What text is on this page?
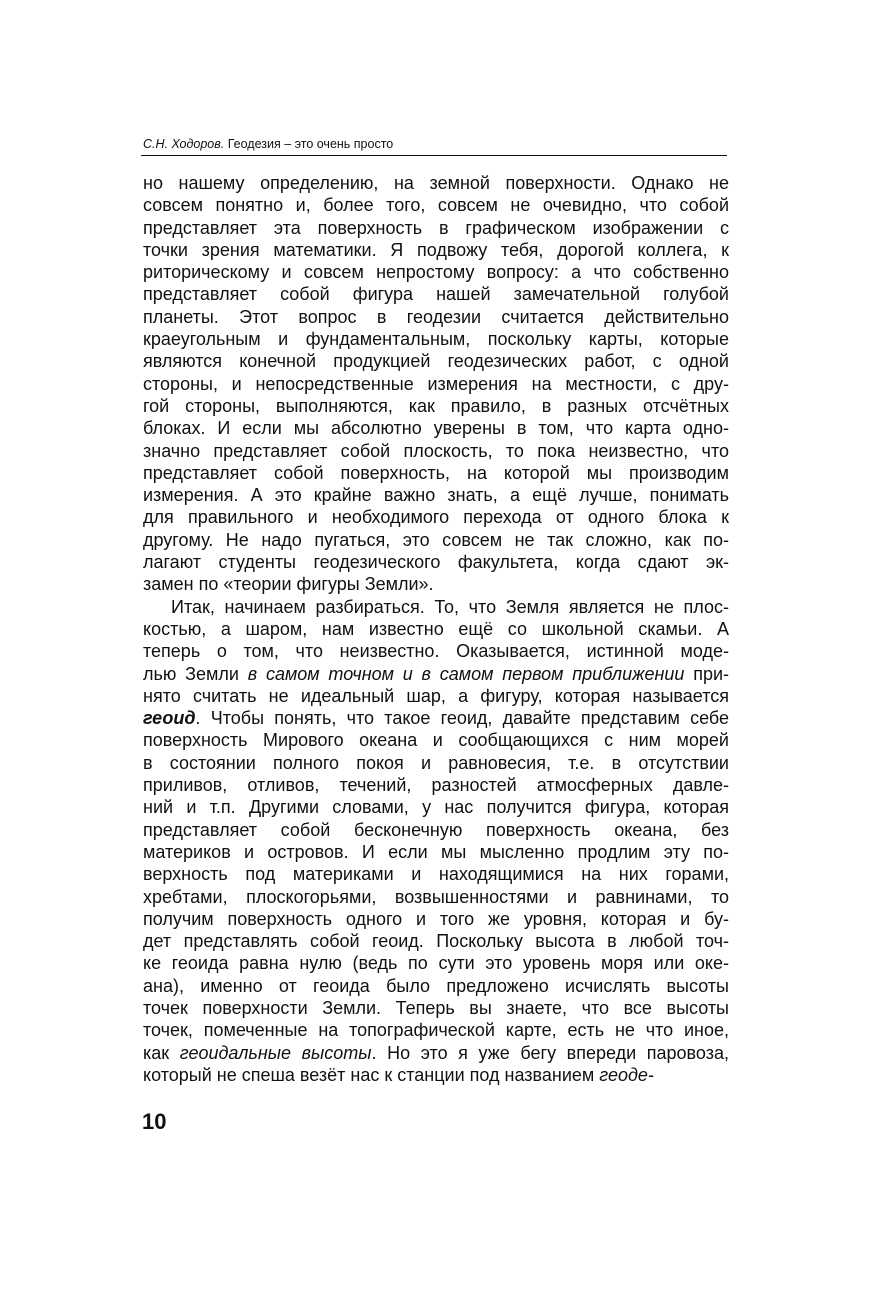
С.Н. Ходоров. Геодезия – это очень просто
но нашему определению, на земной поверхности. Однако не
совсем понятно и, более того, совсем не очевидно, что собой
представляет эта поверхность в графическом изображении с
точки зрения математики. Я подвожу тебя, дорогой коллега, к
риторическому и совсем непростому вопросу: а что собственно
представляет собой фигура нашей замечательной голубой
планеты. Этот вопрос в геодезии считается действительно
краеугольным и фундаментальным, поскольку карты, которые
являются конечной продукцией геодезических работ, с одной
стороны, и непосредственные измерения на местности, с дру-
гой стороны, выполняются, как правило, в разных отсчётных
блоках. И если мы абсолютно уверены в том, что карта одно-
значно представляет собой плоскость, то пока неизвестно, что
представляет собой поверхность, на которой мы производим
измерения. А это крайне важно знать, а ещё лучше, понимать
для правильного и необходимого перехода от одного блока к
другому. Не надо пугаться, это совсем не так сложно, как по-
лагают студенты геодезического факультета, когда сдают эк-
замен по «теории фигуры Земли».
Итак, начинаем разбираться. То, что Земля является не плос-
костью, а шаром, нам известно ещё со школьной скамьи. А
теперь о том, что неизвестно. Оказывается, истинной моде-
лью Земли в самом точном и в самом первом приближении при-
нято считать не идеальный шар, а фигуру, которая называется
геоид. Чтобы понять, что такое геоид, давайте представим себе
поверхность Мирового океана и сообщающихся с ним морей
в состоянии полного покоя и равновесия, т.е. в отсутствии
приливов, отливов, течений, разностей атмосферных давле-
ний и т.п. Другими словами, у нас получится фигура, которая
представляет собой бесконечную поверхность океана, без
материков и островов. И если мы мысленно продлим эту по-
верхность под материками и находящимися на них горами,
хребтами, плоскогорьями, возвышенностями и равнинами, то
получим поверхность одного и того же уровня, которая и бу-
дет представлять собой геоид. Поскольку высота в любой точ-
ке геоида равна нулю (ведь по сути это уровень моря или оке-
ана), именно от геоида было предложено исчислять высоты
точек поверхности Земли. Теперь вы знаете, что все высоты
точек, помеченные на топографической карте, есть не что иное,
как геоидальные высоты. Но это я уже бегу впереди паровоза,
который не спеша везёт нас к станции под названием геоде-
10
